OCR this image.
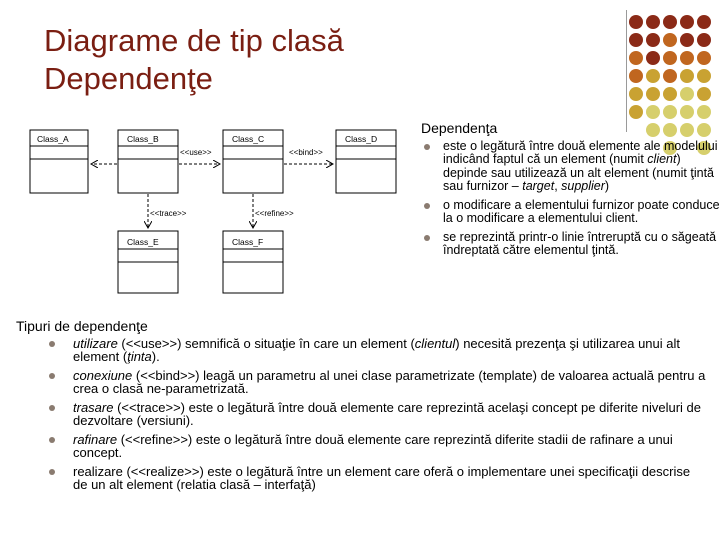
Diagrame de tip clasă
Dependenţe
Class_A	Class_B	Class_C	Class_D
Class_E	Class_F
<<use>>	<<bind>>
<<trace>>	<<refine>>
Dependenţa
este o legătură între două elemente ale modelului indicând faptul că un element (numit client) depinde sau utilizează un alt element (numit ţintă sau furnizor – target, supplier)
o modificare a elementului furnizor poate conduce la o modificare a elementului client.
se reprezintă printr-o linie întreruptă cu o săgeată îndreptată către elementul ţintă.
Tipuri de dependenţe
utilizare (<<use>>) semnifică o situaţie în care un element (clientul) necesită prezenţa şi utilizarea unui alt element (ţinta).
conexiune (<<bind>>) leagă un parametru al unei clase parametrizate (template) de valoarea actuală pentru a crea o clasă ne-parametrizată.
trasare (<<trace>>) este o legătură între două elemente care reprezintă acelaşi concept pe diferite niveluri de dezvoltare (versiuni).
rafinare (<<refine>>) este o legătură între două elemente care reprezintă diferite stadii de rafinare a unui concept.
realizare (<<realize>>) este o legătură între un element care oferă o implementare unei specificaţii descrise de un alt element (relatia clasă – interfaţă)
